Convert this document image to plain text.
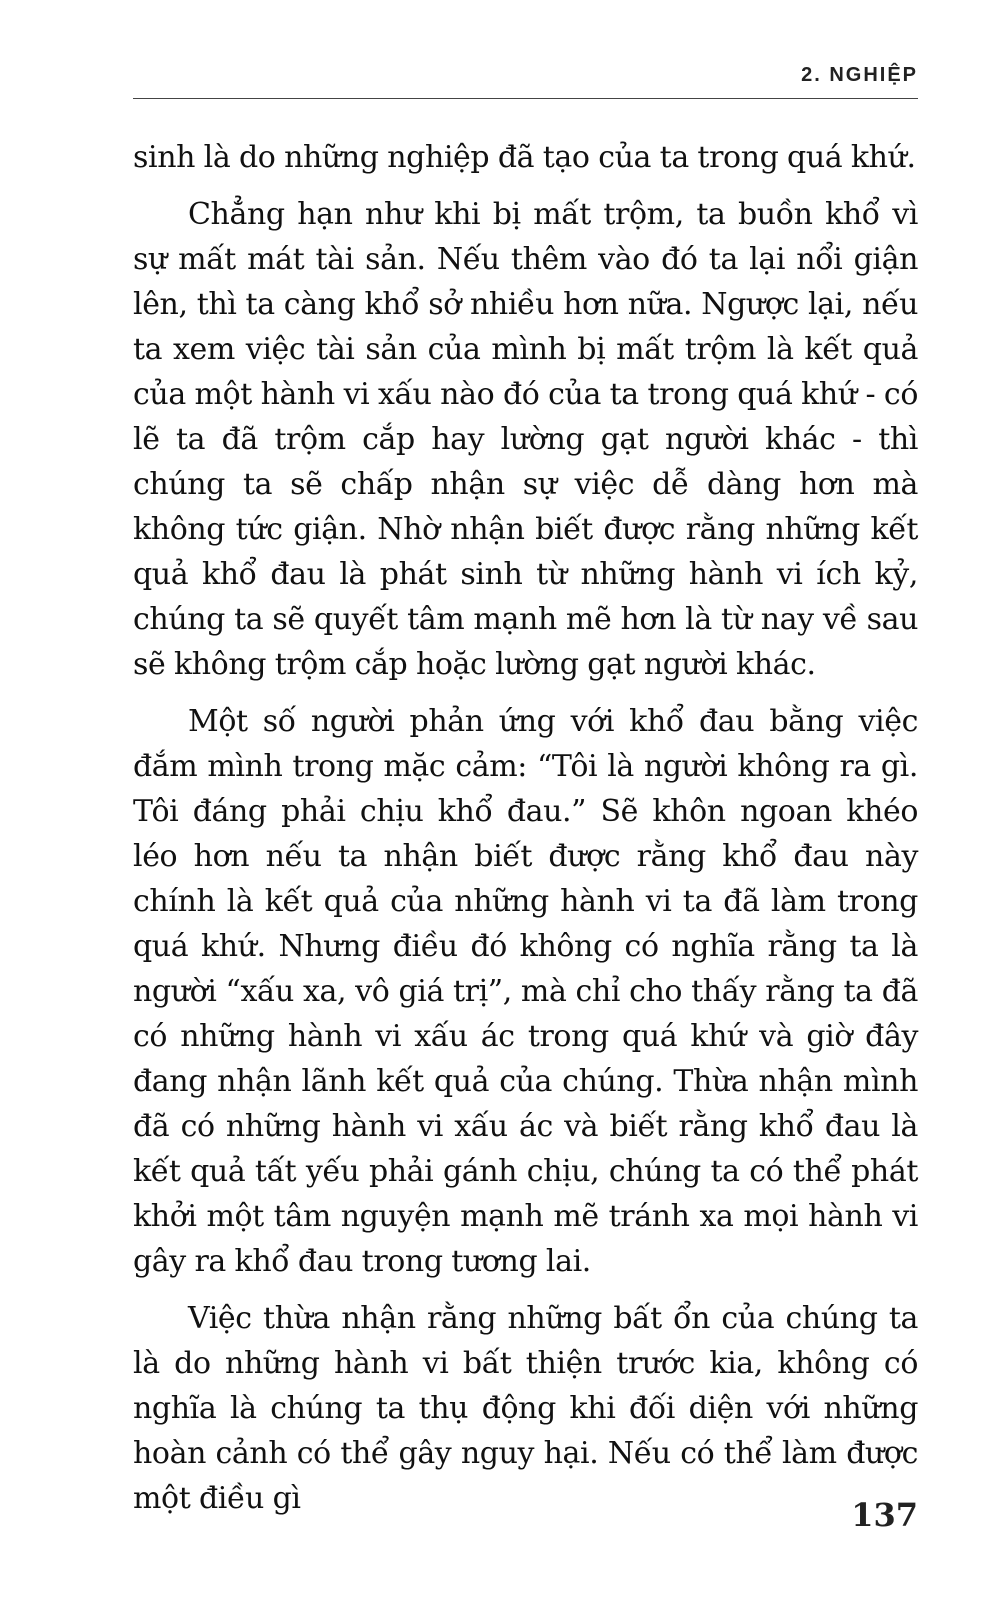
2. NGHIỆP

sinh là do những nghiệp đã tạo của ta trong quá khứ.

Chẳng hạn như khi bị mất trộm, ta buồn khổ vì sự mất mát tài sản. Nếu thêm vào đó ta lại nổi giận lên, thì ta càng khổ sở nhiều hơn nữa. Ngược lại, nếu ta xem việc tài sản của mình bị mất trộm là kết quả của một hành vi xấu nào đó của ta trong quá khứ - có lẽ ta đã trộm cắp hay lường gạt người khác - thì chúng ta sẽ chấp nhận sự việc dễ dàng hơn mà không tức giận. Nhờ nhận biết được rằng những kết quả khổ đau là phát sinh từ những hành vi ích kỷ, chúng ta sẽ quyết tâm mạnh mẽ hơn là từ nay về sau sẽ không trộm cắp hoặc lường gạt người khác.

Một số người phản ứng với khổ đau bằng việc đắm mình trong mặc cảm: “Tôi là người không ra gì. Tôi đáng phải chịu khổ đau.” Sẽ khôn ngoan khéo léo hơn nếu ta nhận biết được rằng khổ đau này chính là kết quả của những hành vi ta đã làm trong quá khứ. Nhưng điều đó không có nghĩa rằng ta là người “xấu xa, vô giá trị”, mà chỉ cho thấy rằng ta đã có những hành vi xấu ác trong quá khứ và giờ đây đang nhận lãnh kết quả của chúng. Thừa nhận mình đã có những hành vi xấu ác và biết rằng khổ đau là kết quả tất yếu phải gánh chịu, chúng ta có thể phát khởi một tâm nguyện mạnh mẽ tránh xa mọi hành vi gây ra khổ đau trong tương lai.

Việc thừa nhận rằng những bất ổn của chúng ta là do những hành vi bất thiện trước kia, không có nghĩa là chúng ta thụ động khi đối diện với những hoàn cảnh có thể gây nguy hại. Nếu có thể làm được một điều gì	137
